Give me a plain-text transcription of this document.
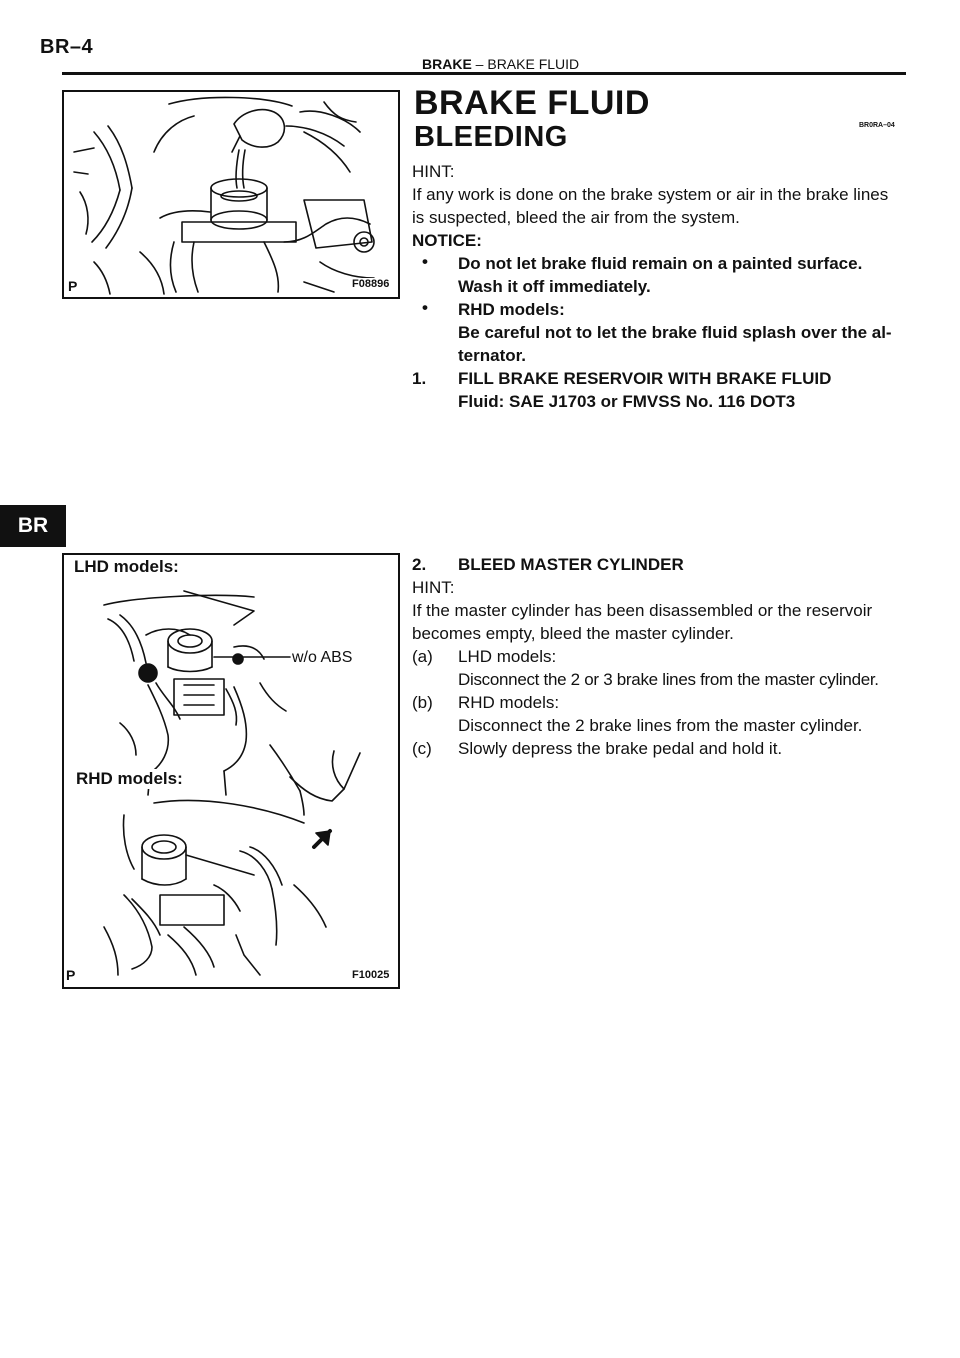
BR–4
BRAKE – BRAKE FLUID
BR
P	F08896
LHD models:
w/o ABS
RHD models:
P	F10025
BRAKE FLUID
BLEEDING	BR0RA–04
HINT:
If any work is done on the brake system or air in the brake lines
is suspected, bleed the air from the system.
NOTICE:
• Do not let brake fluid remain on a painted surface.
Wash it off immediately.
• RHD models:
Be careful not to let the brake fluid splash over the al-
ternator.
1. FILL BRAKE RESERVOIR WITH BRAKE FLUID
Fluid: SAE J1703 or FMVSS No. 116 DOT3
2. BLEED MASTER CYLINDER
HINT:
If the master cylinder has been disassembled or the reservoir
becomes empty, bleed the master cylinder.
(a) LHD models:
Disconnect the 2 or 3 brake lines from the master cylinder.
(b) RHD models:
Disconnect the 2 brake lines from the master cylinder.
(c) Slowly depress the brake pedal and hold it.
